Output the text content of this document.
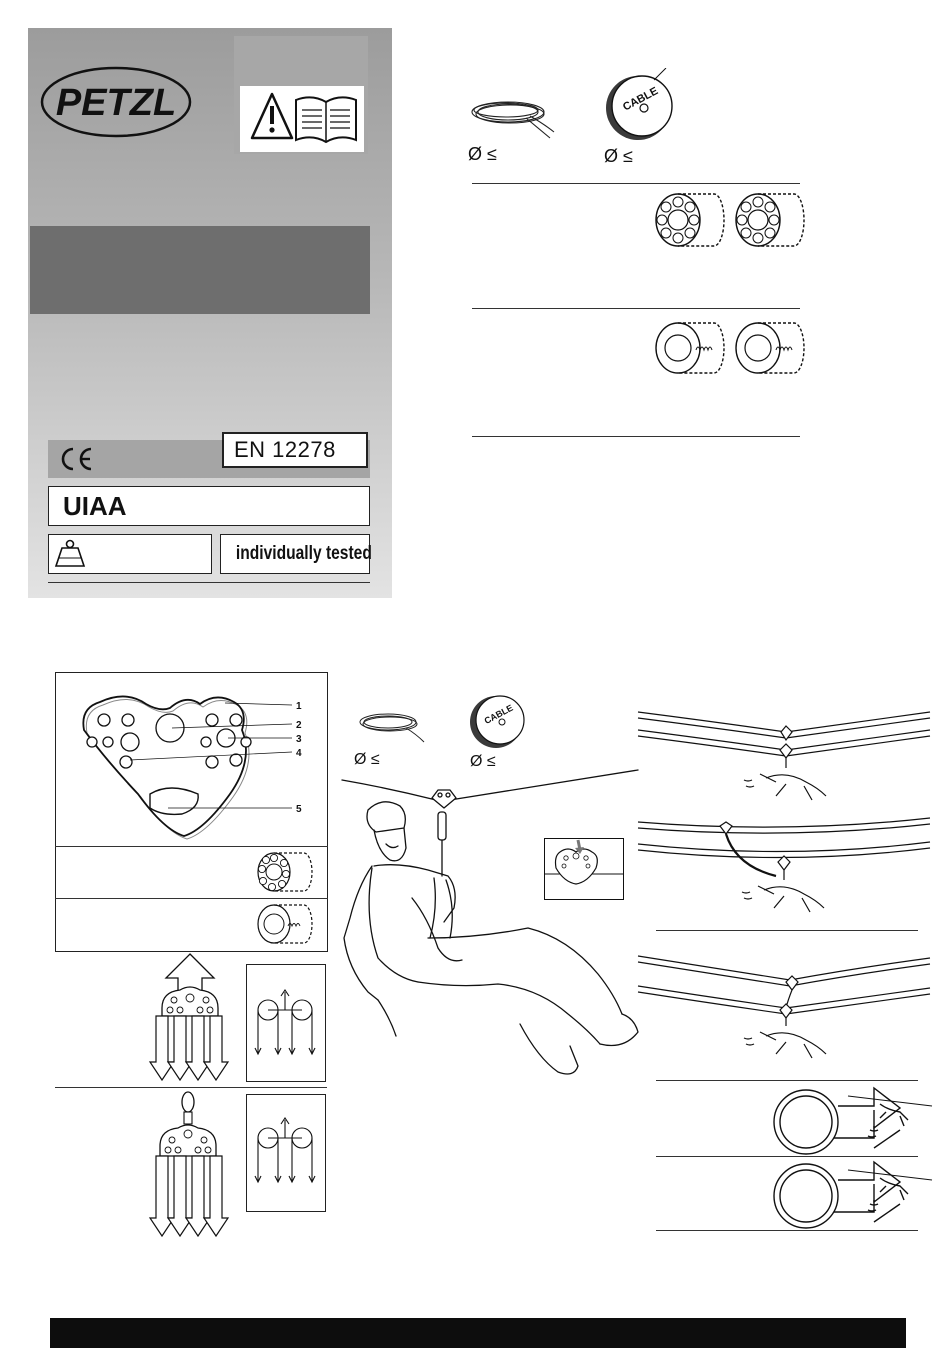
PETZL
EN 12278
UIAA
individually tested
Ø ≤
CABLE
Ø ≤
1
2
3
4
5
Ø ≤
CABLE
Ø ≤
